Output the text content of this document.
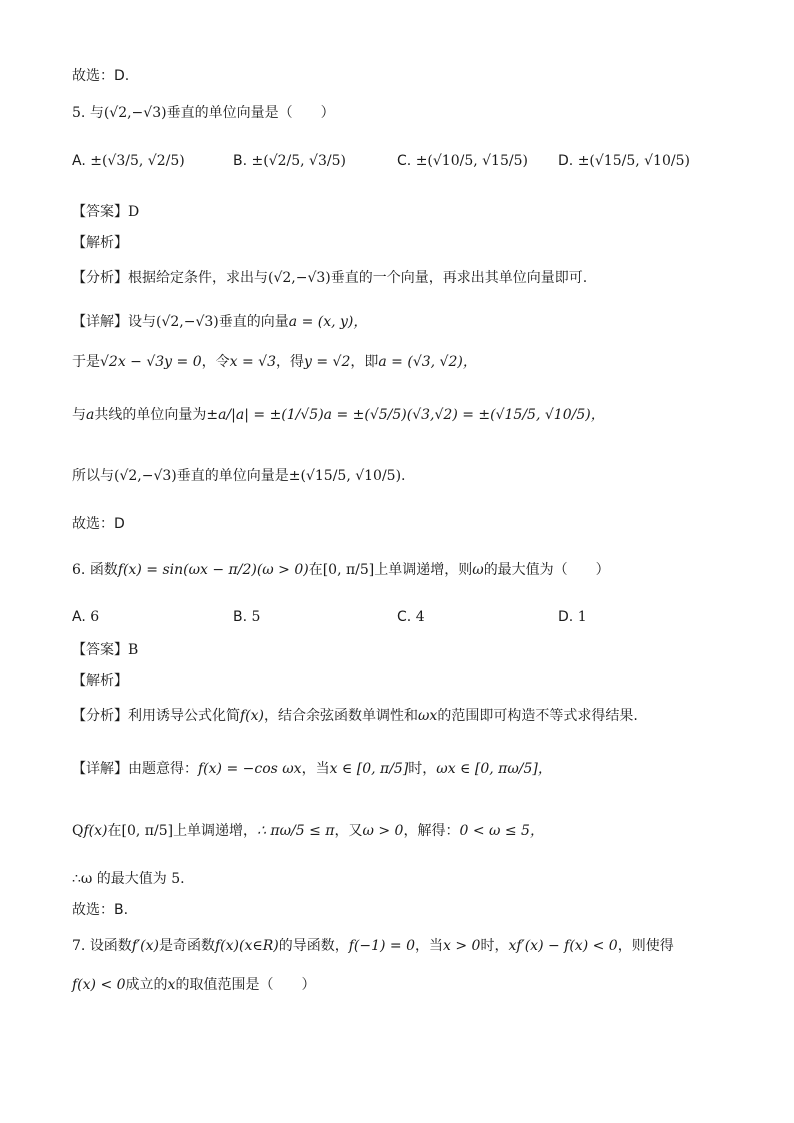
故选：D.
5. 与(√2,−√3)垂直的单位向量是（　　）
A. ±(√3/5, √2/5)	B. ±(√2/5, √3/5)	C. ±(√10/5, √15/5) D. ±(√15/5, √10/5)
【答案】D
【解析】
【分析】根据给定条件，求出与(√2,−√3)垂直的一个向量，再求出其单位向量即可.
【详解】设与(√2,−√3)垂直的向量a = (x, y)，
于是√2x − √3y = 0，令x = √3，得y = √2，即a = (√3, √2)，
与a共线的单位向量为±a/|a| = ±(1/√5)a = ±(√5/5)(√3,√2) = ±(√15/5, √10/5)，
所以与(√2,−√3)垂直的单位向量是±(√15/5, √10/5).
故选：D
6. 函数f(x) = sin(ωx − π/2)(ω > 0)在[0, π/5]上单调递增，则ω的最大值为（　　）
A. 6	B. 5	C. 4	D. 1
【答案】B
【解析】
【分析】利用诱导公式化简f(x)，结合余弦函数单调性和ωx的范围即可构造不等式求得结果.
【详解】由题意得：f(x) = −cos ωx，当x ∈ [0, π/5]时，ωx ∈ [0, πω/5]，
Qf(x)在[0, π/5]上单调递增，∴ πω/5 ≤ π，又ω > 0，解得：0 < ω ≤ 5，
∴ω 的最大值为 5.
故选：B.
7. 设函数f′(x)是奇函数f(x)(x∈R)的导函数，f(−1) = 0，当x > 0时，xf′(x) − f(x) < 0，则使得
f(x) < 0成立的x的取值范围是（　　）
